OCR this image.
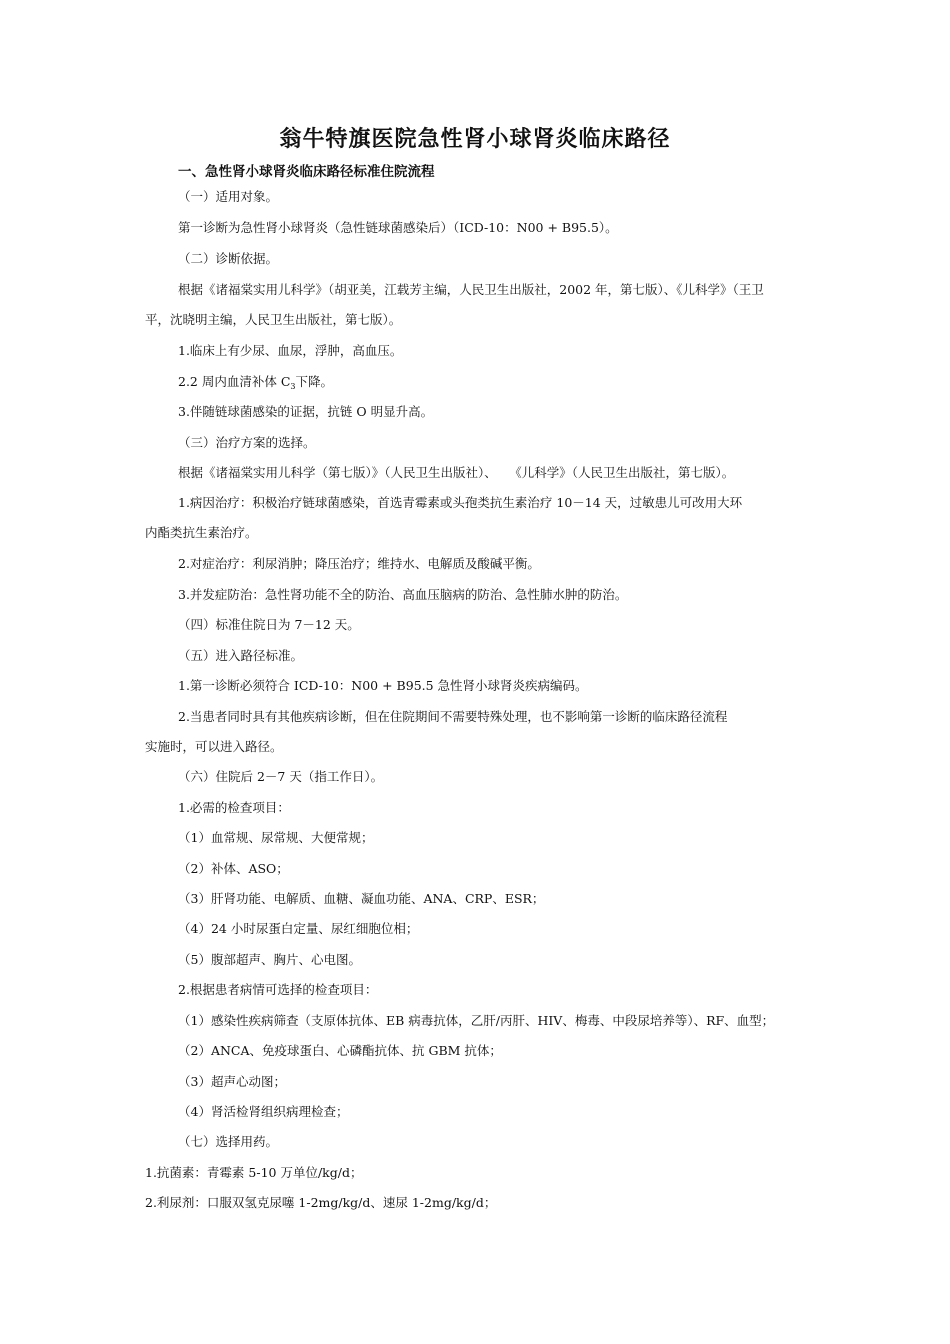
翁牛特旗医院急性肾小球肾炎临床路径
一、急性肾小球肾炎临床路径标准住院流程
（一）适用对象。
第一诊断为急性肾小球肾炎（急性链球菌感染后）（ICD-10：N00 + B95.5）。
（二）诊断依据。
根据《诸福棠实用儿科学》（胡亚美，江载芳主编，人民卫生出版社，2002 年，第七版）、《儿科学》（王卫
平，沈晓明主编，人民卫生出版社，第七版）。
1.临床上有少尿、血尿，浮肿，高血压。
2.2 周内血清补体 $C_3$下降。
3.伴随链球菌感染的证据，抗链 O 明显升高。
（三）治疗方案的选择。
根据《诸福棠实用儿科学（第七版）》（人民卫生出版社）、　　《儿科学》（人民卫生出版社，第七版）。
1.病因治疗：积极治疗链球菌感染，首选青霉素或头孢类抗生素治疗 10－14 天，过敏患儿可改用大环
内酯类抗生素治疗。
2.对症治疗：利尿消肿；降压治疗；维持水、电解质及酸碱平衡。
3.并发症防治：急性肾功能不全的防治、高血压脑病的防治、急性肺水肿的防治。
（四）标准住院日为 7－12 天。
（五）进入路径标准。
1.第一诊断必须符合 ICD-10：N00 + B95.5 急性肾小球肾炎疾病编码。
2.当患者同时具有其他疾病诊断，但在住院期间不需要特殊处理，也不影响第一诊断的临床路径流程
实施时，可以进入路径。
（六）住院后 2－7 天（指工作日）。
1.必需的检查项目：
（1）血常规、尿常规、大便常规；
（2）补体、ASO；
（3）肝肾功能、电解质、血糖、凝血功能、ANA、CRP、ESR；
（4）24 小时尿蛋白定量、尿红细胞位相；
（5）腹部超声、胸片、心电图。
2.根据患者病情可选择的检查项目：
（1）感染性疾病筛查（支原体抗体、EB 病毒抗体，乙肝/丙肝、HIV、梅毒、中段尿培养等）、RF、血型；
（2）ANCA、免疫球蛋白、心磷酯抗体、抗 GBM 抗体；
（3）超声心动图；
（4）肾活检肾组织病理检查；
（七）选择用药。
1.抗菌素：青霉素 5-10 万单位/kg/d；
2.利尿剂：口服双氢克尿噻 1-2mg/kg/d、速尿 1-2mg/kg/d；
